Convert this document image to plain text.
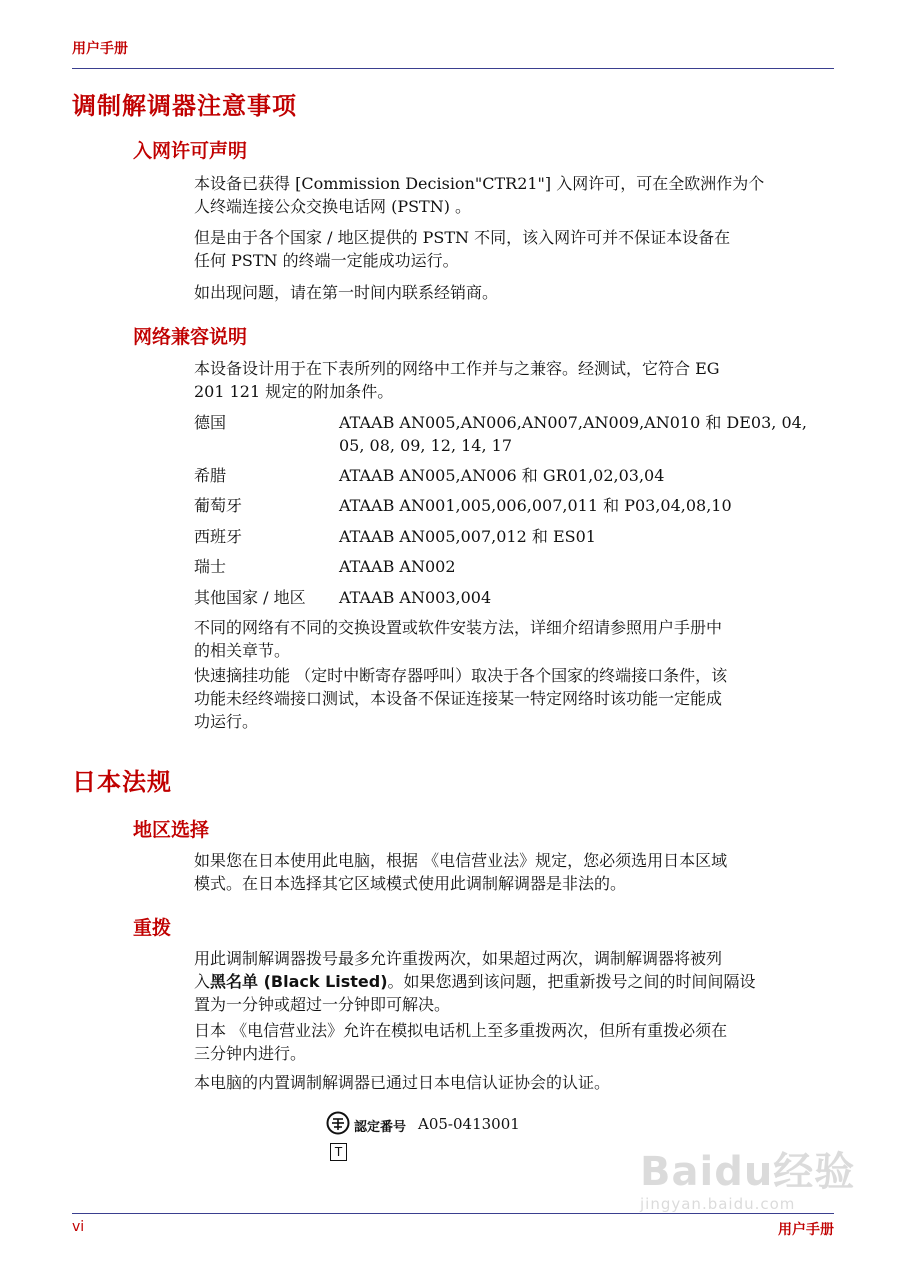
用户手册
调制解调器注意事项
入网许可声明
本设备已获得 [Commission Decision"CTR21"] 入网许可，可在全欧洲作为个
人终端连接公众交换电话网 (PSTN) 。
但是由于各个国家 / 地区提供的 PSTN 不同，该入网许可并不保证本设备在
任何 PSTN 的终端一定能成功运行。
如出现问题，请在第一时间内联系经销商。
网络兼容说明
本设备设计用于在下表所列的网络中工作并与之兼容。经测试，它符合 EG
201 121 规定的附加条件。
德国	ATAAB AN005,AN006,AN007,AN009,AN010 和 DE03, 04,
05, 08, 09, 12, 14, 17
希腊	ATAAB AN005,AN006 和 GR01,02,03,04
葡萄牙	ATAAB AN001,005,006,007,011 和 P03,04,08,10
西班牙	ATAAB AN005,007,012 和 ES01
瑞士	ATAAB AN002
其他国家 / 地区 ATAAB AN003,004
不同的网络有不同的交换设置或软件安装方法，详细介绍请参照用户手册中
的相关章节。
快速摘挂功能 （定时中断寄存器呼叫）取决于各个国家的终端接口条件，该
功能未经终端接口测试，本设备不保证连接某一特定网络时该功能一定能成
功运行。
日本法规
地区选择
如果您在日本使用此电脑，根据 《电信营业法》规定，您必须选用日本区域
模式。在日本选择其它区域模式使用此调制解调器是非法的。
重拨
用此调制解调器拨号最多允许重拨两次，如果超过两次，调制解调器将被列
入黑名单 (Black Listed)。如果您遇到该问题，把重新拨号之间的时间间隔设
置为一分钟或超过一分钟即可解决。
日本 《电信营业法》允许在模拟电话机上至多重拨两次，但所有重拨必须在
三分钟内进行。
本电脑的内置调制解调器已通过日本电信认证协会的认证。
T
認定番号 A05-0413001
Baidu经验
jingyan.baidu.com
vi	用户手册
